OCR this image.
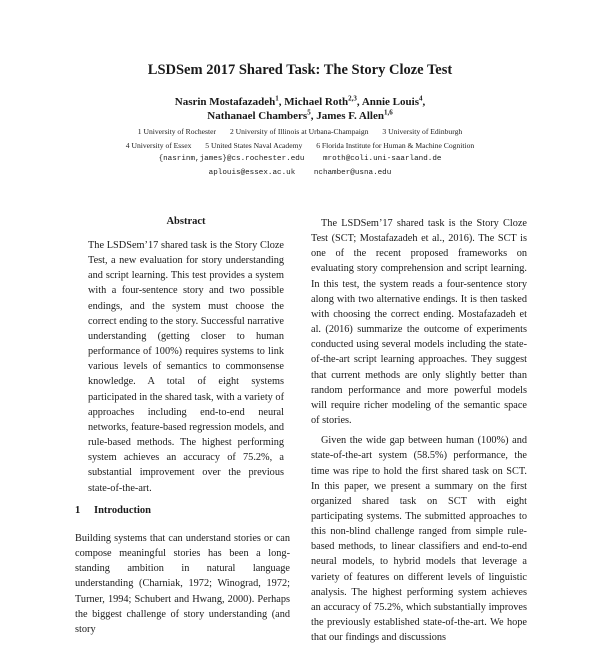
LSDSem 2017 Shared Task: The Story Cloze Test
Nasrin Mostafazadeh$^1$, Michael Roth$^{2,3}$, Annie Louis$^4$,
Nathanael Chambers$^5$, James F. Allen$^{1,6}$
1 University of Rochester 2 University of Illinois at Urbana-Champaign 3 University of Edinburgh
4 University of Essex 5 United States Naval Academy 6 Florida Institute for Human & Machine Cognition
{nasrinm,james}@cs.rochester.edu mroth@coli.uni-saarland.de
aplouis@essex.ac.uk nchamber@usna.edu
Abstract

The LSDSem’17 shared task is the Story Cloze Test, a new evaluation for story understanding and script learning. This test provides a system with a four-sentence story and two possible endings, and the system must choose the correct ending to the story. Successful narrative understanding (getting closer to human performance of 100%) requires systems to link various levels of semantics to commonsense knowledge. A total of eight systems participated in the shared task, with a variety of approaches including end-to-end neural networks, feature-based regression models, and rule-based methods. The highest performing system achieves an accuracy of 75.2%, a substantial improvement over the previous state-of-the-art.

1 Introduction

Building systems that can understand stories or can compose meaningful stories has been a long-standing ambition in natural language understanding (Charniak, 1972; Winograd, 1972; Turner, 1994; Schubert and Hwang, 2000). Perhaps the biggest challenge of story understanding (and story

The LSDSem’17 shared task is the Story Cloze Test (SCT; Mostafazadeh et al., 2016). The SCT is one of the recent proposed frameworks on evaluating story comprehension and script learning. In this test, the system reads a four-sentence story along with two alternative endings. It is then tasked with choosing the correct ending. Mostafazadeh et al. (2016) summarize the outcome of experiments conducted using several models including the state-of-the-art script learning approaches. They suggest that current methods are only slightly better than random performance and more powerful models will require richer modeling of the semantic space of stories.

Given the wide gap between human (100%) and state-of-the-art system (58.5%) performance, the time was ripe to hold the first shared task on SCT. In this paper, we present a summary on the first organized shared task on SCT with eight participating systems. The submitted approaches to this non-blind challenge ranged from simple rule-based methods, to linear classifiers and end-to-end neural models, to hybrid models that leverage a variety of features on different levels of linguistic analysis. The highest performing system achieves an accuracy of 75.2%, which substantially improves the previously established state-of-the-art. We hope that our findings and discussions
